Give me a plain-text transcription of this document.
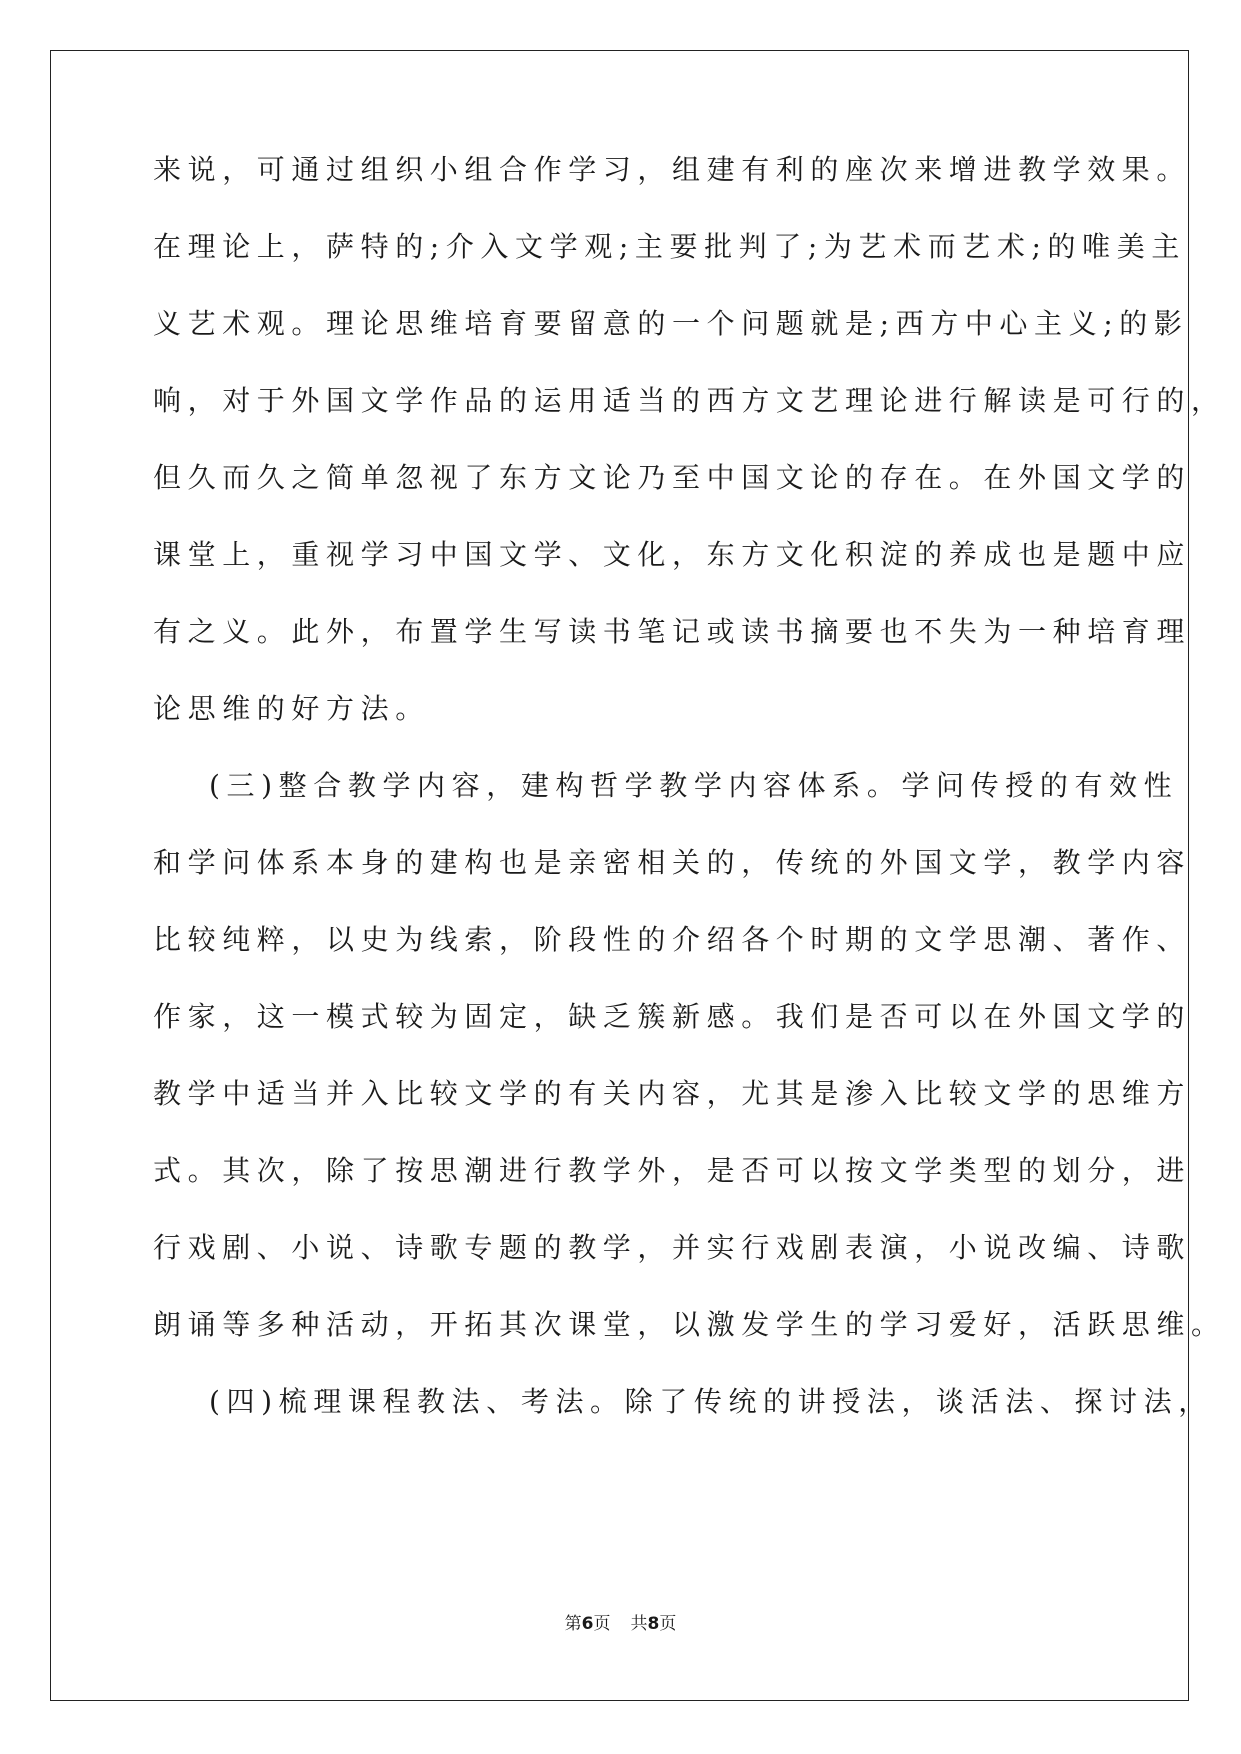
来说，可通过组织小组合作学习，组建有利的座次来增进教学效果。
在理论上，萨特的;介入文学观;主要批判了;为艺术而艺术;的唯美主
义艺术观。理论思维培育要留意的一个问题就是;西方中心主义;的影
响，对于外国文学作品的运用适当的西方文艺理论进行解读是可行的，
但久而久之简单忽视了东方文论乃至中国文论的存在。在外国文学的
课堂上，重视学习中国文学、文化，东方文化积淀的养成也是题中应
有之义。此外，布置学生写读书笔记或读书摘要也不失为一种培育理
论思维的好方法。
(三)整合教学内容，建构哲学教学内容体系。学问传授的有效性
和学问体系本身的建构也是亲密相关的，传统的外国文学，教学内容
比较纯粹，以史为线索，阶段性的介绍各个时期的文学思潮、著作、
作家，这一模式较为固定，缺乏簇新感。我们是否可以在外国文学的
教学中适当并入比较文学的有关内容，尤其是渗入比较文学的思维方
式。其次，除了按思潮进行教学外，是否可以按文学类型的划分，进
行戏剧、小说、诗歌专题的教学，并实行戏剧表演，小说改编、诗歌
朗诵等多种活动，开拓其次课堂，以激发学生的学习爱好，活跃思维。
(四)梳理课程教法、考法。除了传统的讲授法，谈活法、探讨法，
第6页 共8页
